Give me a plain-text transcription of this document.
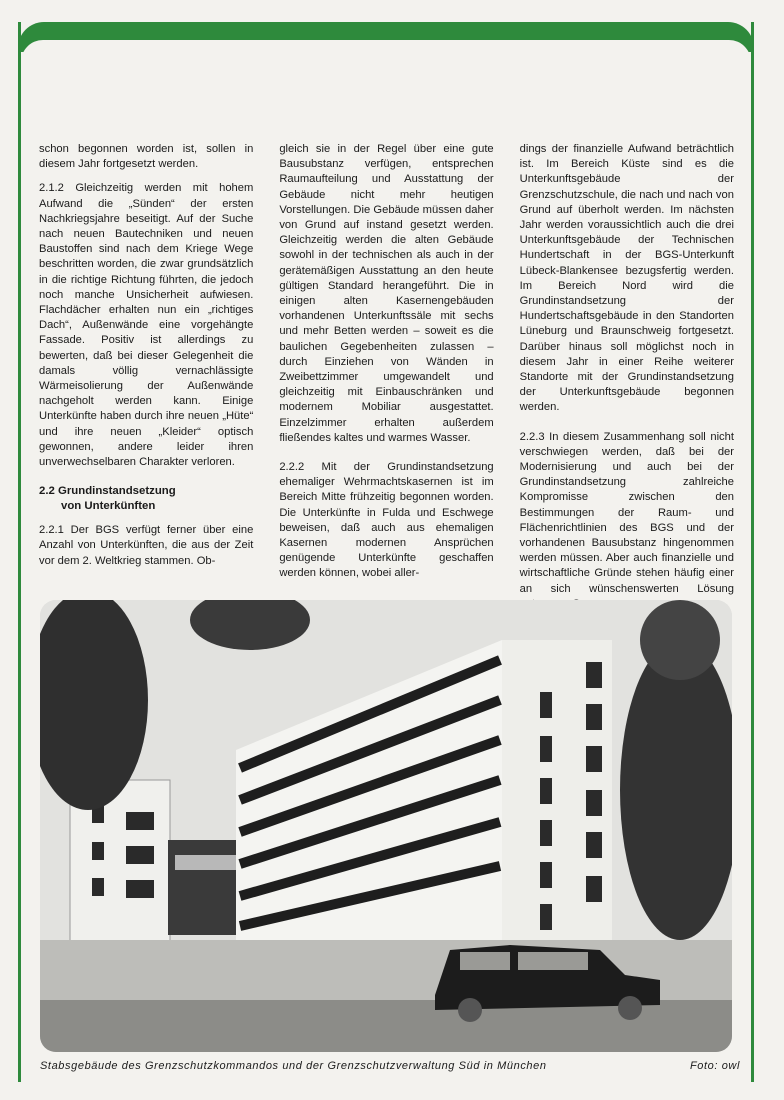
schon begonnen worden ist, sollen in diesem Jahr fortgesetzt werden.

2.1.2 Gleichzeitig werden mit hohem Aufwand die „Sünden“ der ersten Nachkriegsjahre beseitigt. Auf der Suche nach neuen Bautechniken und neuen Baustoffen sind nach dem Kriege Wege beschritten worden, die zwar grundsätzlich in die richtige Richtung führten, die jedoch noch manche Unsicherheit aufwiesen. Flachdächer erhalten nun ein „richtiges Dach“, Außenwände eine vorgehängte Fassade. Positiv ist allerdings zu bewerten, daß bei dieser Gelegenheit die damals völlig vernachlässigte Wärmeisolierung der Außenwände nachgeholt werden kann. Einige Unterkünfte haben durch ihre neuen „Hüte“ und ihre neuen „Kleider“ optisch gewonnen, andere leider ihren unverwechselbaren Charakter verloren.

2.2 Grundinstandsetzung
von Unterkünften

2.2.1 Der BGS verfügt ferner über eine Anzahl von Unterkünften, die aus der Zeit vor dem 2. Weltkrieg stammen. Ob-

gleich sie in der Regel über eine gute Bausubstanz verfügen, entsprechen Raumaufteilung und Ausstattung der Gebäude nicht mehr heutigen Vorstellungen. Die Gebäude müssen daher von Grund auf instand gesetzt werden. Gleichzeitig werden die alten Gebäude sowohl in der technischen als auch in der gerätemäßigen Ausstattung an den heute gültigen Standard herangeführt. Die in einigen alten Kasernengebäuden vorhandenen Unterkunftssäle mit sechs und mehr Betten werden – soweit es die baulichen Gegebenheiten zulassen – durch Einziehen von Wänden in Zweibettzimmer umgewandelt und gleichzeitig mit Einbauschränken und modernem Mobiliar ausgestattet. Einzelzimmer erhalten außerdem fließendes kaltes und warmes Wasser.

2.2.2 Mit der Grundinstandsetzung ehemaliger Wehrmachtskasernen ist im Bereich Mitte frühzeitig begonnen worden. Die Unterkünfte in Fulda und Eschwege beweisen, daß auch aus ehemaligen Kasernen modernen Ansprüchen genügende Unterkünfte geschaffen werden können, wobei aller-

dings der finanzielle Aufwand beträchtlich ist. Im Bereich Küste sind es die Unterkunftsgebäude der Grenzschutzschule, die nach und nach von Grund auf überholt werden. Im nächsten Jahr werden voraussichtlich auch die drei Unterkunftsgebäude der Technischen Hundertschaft in der BGS-Unterkunft Lübeck-Blankensee bezugsfertig werden. Im Bereich Nord wird die Grundinstandsetzung der Hundertschaftsgebäude in den Standorten Lüneburg und Braunschweig fortgesetzt. Darüber hinaus soll möglichst noch in diesem Jahr in einer Reihe weiterer Standorte mit der Grundinstandsetzung der Unterkunftsgebäude begonnen werden.

2.2.3 In diesem Zusammenhang soll nicht verschwiegen werden, daß bei der Modernisierung und auch bei der Grundinstandsetzung zahlreiche Kompromisse zwischen den Bestimmungen der Raum- und Flächenrichtlinien des BGS und der vorhandenen Bausubstanz hingenommen werden müssen. Aber auch finanzielle und wirtschaftliche Gründe stehen häufig einer an sich wünschenswerten Lösung

Stabsgebäude des Grenzschutzkommandos und der Grenzschutzverwaltung Süd in München	Foto: owl
